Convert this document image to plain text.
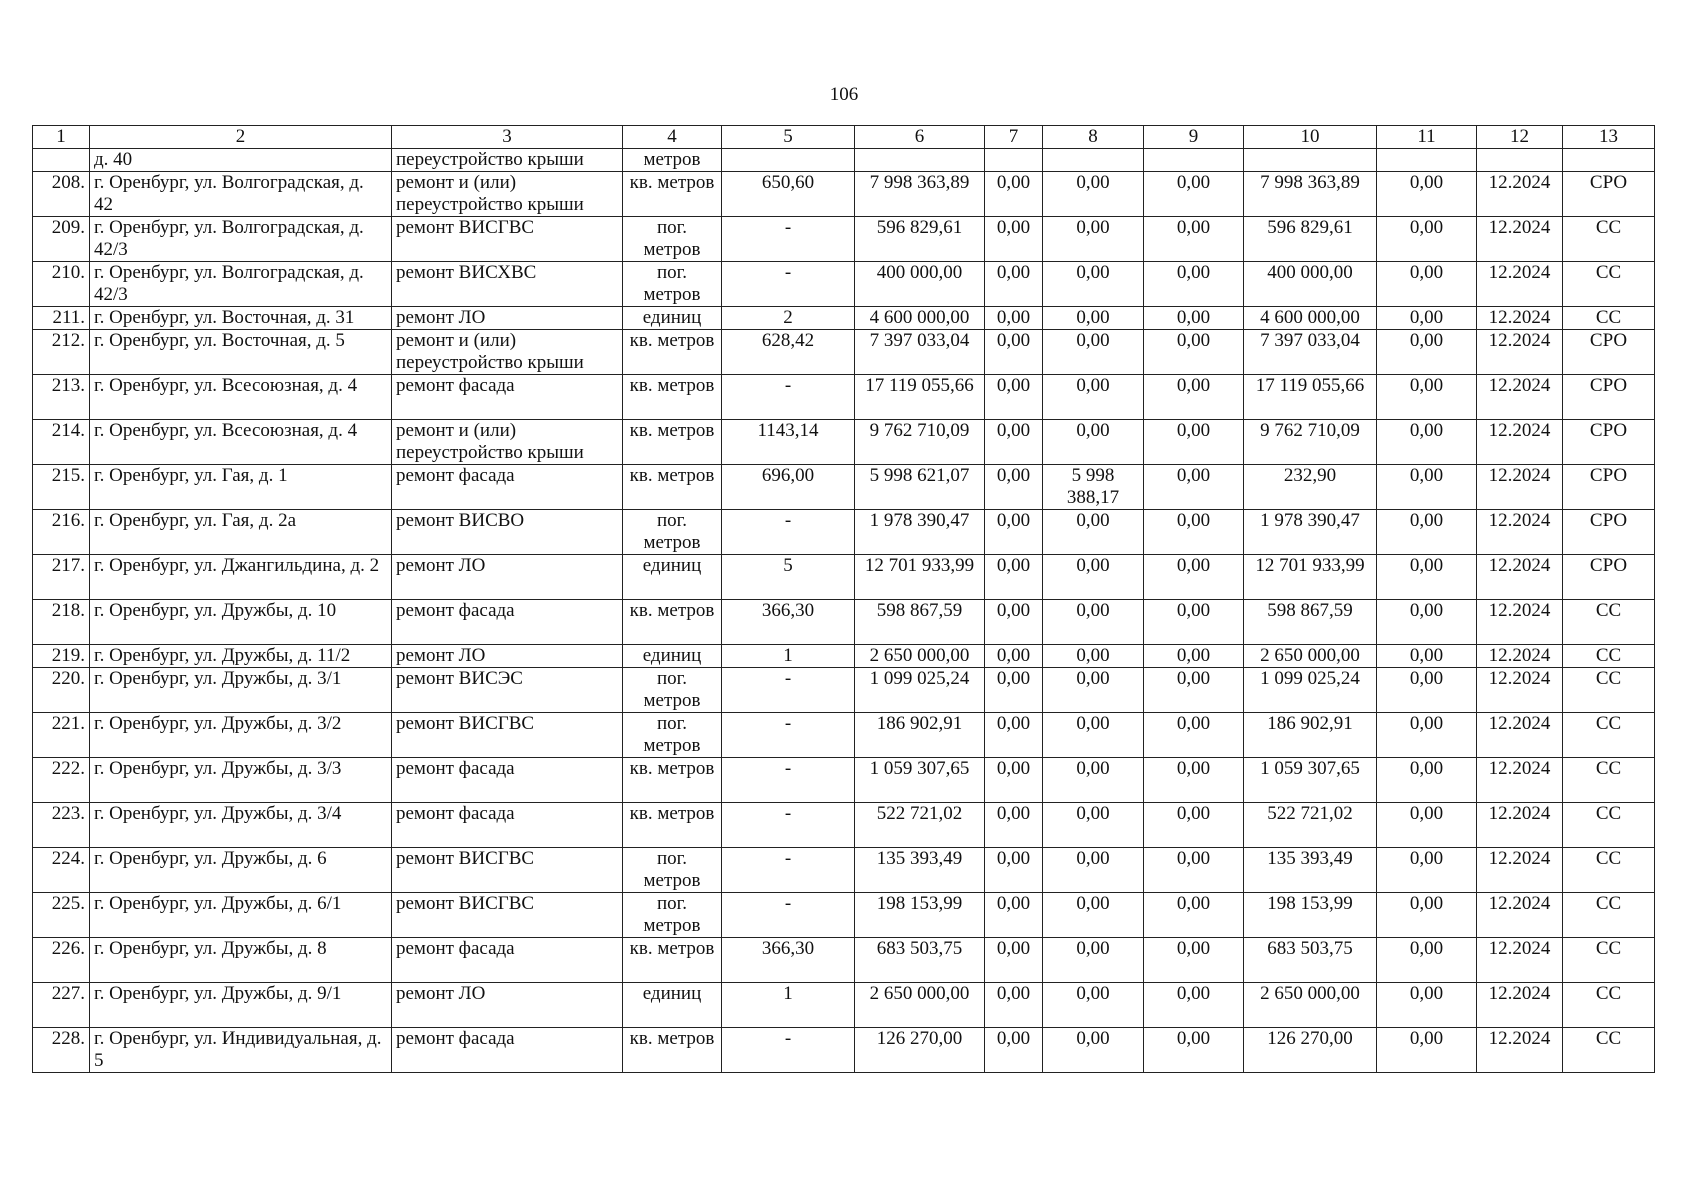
106
1	2	3	4	5	6	7	8	9	10	11	12	13
	д. 40	переустройство крыши	метров									
208.	г. Оренбург, ул. Волгоградская, д. 42	ремонт и (или) переустройство крыши	кв. метров	650,60	7 998 363,89	0,00	0,00	0,00	7 998 363,89	0,00	12.2024	СРО
209.	г. Оренбург, ул. Волгоградская, д. 42/3	ремонт ВИСГВС	пог. метров	-	596 829,61	0,00	0,00	0,00	596 829,61	0,00	12.2024	СС
210.	г. Оренбург, ул. Волгоградская, д. 42/3	ремонт ВИСХВС	пог. метров	-	400 000,00	0,00	0,00	0,00	400 000,00	0,00	12.2024	СС
211.	г. Оренбург, ул. Восточная, д. 31	ремонт ЛО	единиц	2	4 600 000,00	0,00	0,00	0,00	4 600 000,00	0,00	12.2024	СС
212.	г. Оренбург, ул. Восточная, д. 5	ремонт и (или) переустройство крыши	кв. метров	628,42	7 397 033,04	0,00	0,00	0,00	7 397 033,04	0,00	12.2024	СРО
213.	г. Оренбург, ул. Всесоюзная, д. 4	ремонт фасада	кв. метров	-	17 119 055,66	0,00	0,00	0,00	17 119 055,66	0,00	12.2024	СРО
214.	г. Оренбург, ул. Всесоюзная, д. 4	ремонт и (или) переустройство крыши	кв. метров	1143,14	9 762 710,09	0,00	0,00	0,00	9 762 710,09	0,00	12.2024	СРО
215.	г. Оренбург, ул. Гая, д. 1	ремонт фасада	кв. метров	696,00	5 998 621,07	0,00	5 998 388,17	0,00	232,90	0,00	12.2024	СРО
216.	г. Оренбург, ул. Гая, д. 2а	ремонт ВИСВО	пог. метров	-	1 978 390,47	0,00	0,00	0,00	1 978 390,47	0,00	12.2024	СРО
217.	г. Оренбург, ул. Джангильдина, д. 2	ремонт ЛО	единиц	5	12 701 933,99	0,00	0,00	0,00	12 701 933,99	0,00	12.2024	СРО
218.	г. Оренбург, ул. Дружбы, д. 10	ремонт фасада	кв. метров	366,30	598 867,59	0,00	0,00	0,00	598 867,59	0,00	12.2024	СС
219.	г. Оренбург, ул. Дружбы, д. 11/2	ремонт ЛО	единиц	1	2 650 000,00	0,00	0,00	0,00	2 650 000,00	0,00	12.2024	СС
220.	г. Оренбург, ул. Дружбы, д. 3/1	ремонт ВИСЭС	пог. метров	-	1 099 025,24	0,00	0,00	0,00	1 099 025,24	0,00	12.2024	СС
221.	г. Оренбург, ул. Дружбы, д. 3/2	ремонт ВИСГВС	пог. метров	-	186 902,91	0,00	0,00	0,00	186 902,91	0,00	12.2024	СС
222.	г. Оренбург, ул. Дружбы, д. 3/3	ремонт фасада	кв. метров	-	1 059 307,65	0,00	0,00	0,00	1 059 307,65	0,00	12.2024	СС
223.	г. Оренбург, ул. Дружбы, д. 3/4	ремонт фасада	кв. метров	-	522 721,02	0,00	0,00	0,00	522 721,02	0,00	12.2024	СС
224.	г. Оренбург, ул. Дружбы, д. 6	ремонт ВИСГВС	пог. метров	-	135 393,49	0,00	0,00	0,00	135 393,49	0,00	12.2024	СС
225.	г. Оренбург, ул. Дружбы, д. 6/1	ремонт ВИСГВС	пог. метров	-	198 153,99	0,00	0,00	0,00	198 153,99	0,00	12.2024	СС
226.	г. Оренбург, ул. Дружбы, д. 8	ремонт фасада	кв. метров	366,30	683 503,75	0,00	0,00	0,00	683 503,75	0,00	12.2024	СС
227.	г. Оренбург, ул. Дружбы, д. 9/1	ремонт ЛО	единиц	1	2 650 000,00	0,00	0,00	0,00	2 650 000,00	0,00	12.2024	СС
228.	г. Оренбург, ул. Индивидуальная, д. 5	ремонт фасада	кв. метров	-	126 270,00	0,00	0,00	0,00	126 270,00	0,00	12.2024	СС
